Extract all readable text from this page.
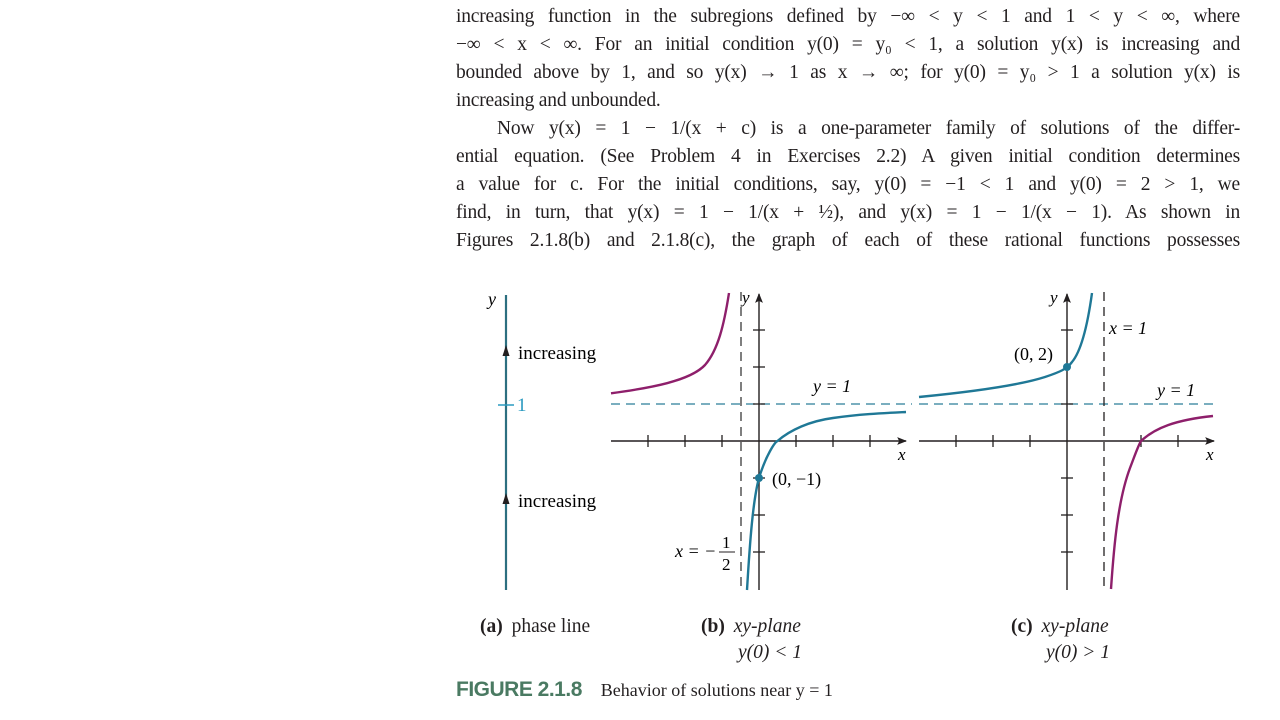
increasing function in the subregions defined by −∞ < y < 1 and 1 < y < ∞, where
−∞ < x < ∞. For an initial condition y(0) = y₀ < 1, a solution y(x) is increasing and
bounded above by 1, and so y(x) → 1 as x → ∞; for y(0) = y₀ > 1 a solution y(x) is
increasing and unbounded.
Now y(x) = 1 − 1/(x + c) is a one-parameter family of solutions of the differ-
ential equation. (See Problem 4 in Exercises 2.2) A given initial condition determines
a value for c. For the initial conditions, say, y(0) = −1 < 1 and y(0) = 2 > 1, we
find, in turn, that y(x) = 1 − 1/(x + ½), and y(x) = 1 − 1/(x − 1). As shown in
Figures 2.1.8(b) and 2.1.8(c), the graph of each of these rational functions possesses
y
increasing
1
increasing
(0, −1)
y = 1
y
x
x = − 1
2
(0, 2)
x = 1
y = 1
y
x
(a) phase line	(b) xy-plane
y(0) < 1
(c) xy-plane
y(0) > 1
FIGURE 2.1.8 Behavior of solutions near y = 1
